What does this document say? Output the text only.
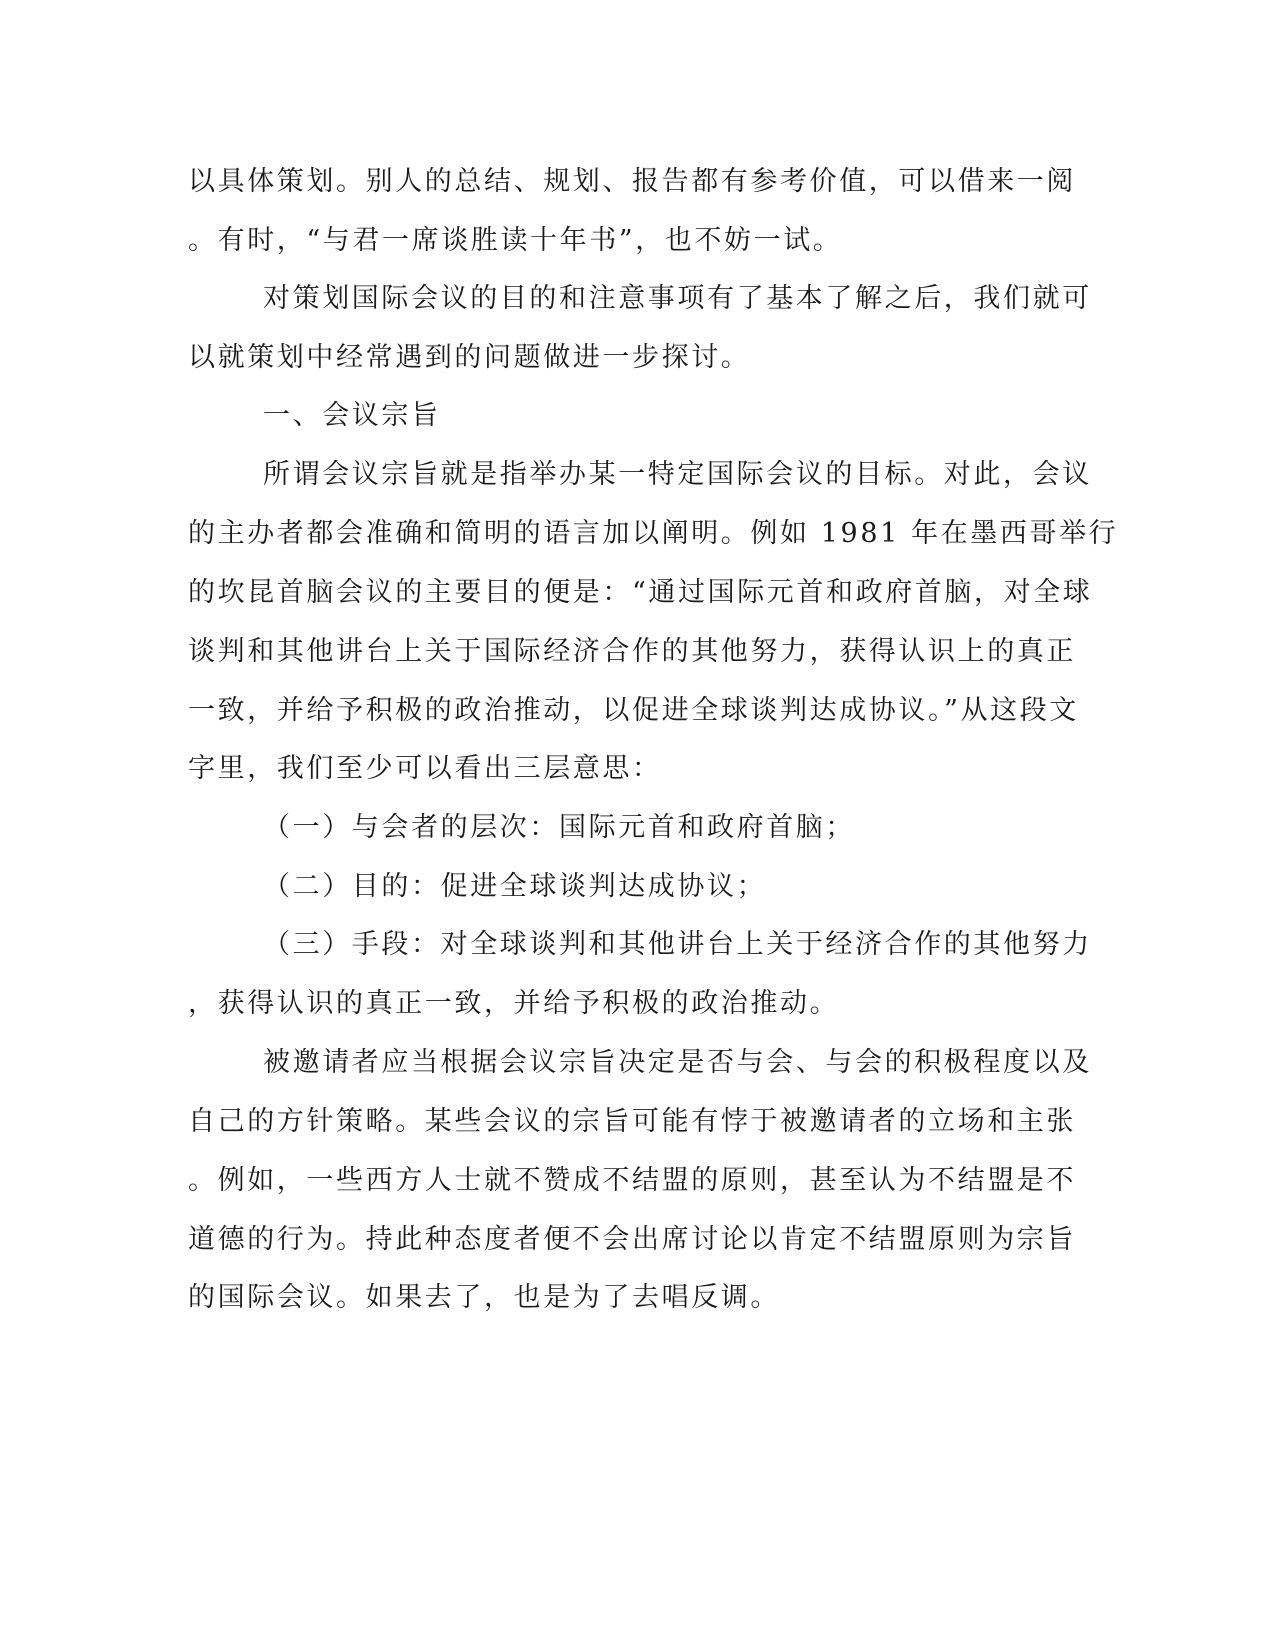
以具体策划。别人的总结、规划、报告都有参考价值，可以借来一阅
。有时，“与君一席谈胜读十年书”，也不妨一试。
对策划国际会议的目的和注意事项有了基本了解之后，我们就可
以就策划中经常遇到的问题做进一步探讨。
一、会议宗旨
所谓会议宗旨就是指举办某一特定国际会议的目标。对此，会议
的主办者都会准确和简明的语言加以阐明。例如 1981 年在墨西哥举行
的坎昆首脑会议的主要目的便是：“通过国际元首和政府首脑，对全球
谈判和其他讲台上关于国际经济合作的其他努力，获得认识上的真正
一致，并给予积极的政治推动，以促进全球谈判达成协议。”从这段文
字里，我们至少可以看出三层意思：
（一）与会者的层次：国际元首和政府首脑；
（二）目的：促进全球谈判达成协议；
（三）手段：对全球谈判和其他讲台上关于经济合作的其他努力
，获得认识的真正一致，并给予积极的政治推动。
被邀请者应当根据会议宗旨决定是否与会、与会的积极程度以及
自己的方针策略。某些会议的宗旨可能有悖于被邀请者的立场和主张
。例如，一些西方人士就不赞成不结盟的原则，甚至认为不结盟是不
道德的行为。持此种态度者便不会出席讨论以肯定不结盟原则为宗旨
的国际会议。如果去了，也是为了去唱反调。
